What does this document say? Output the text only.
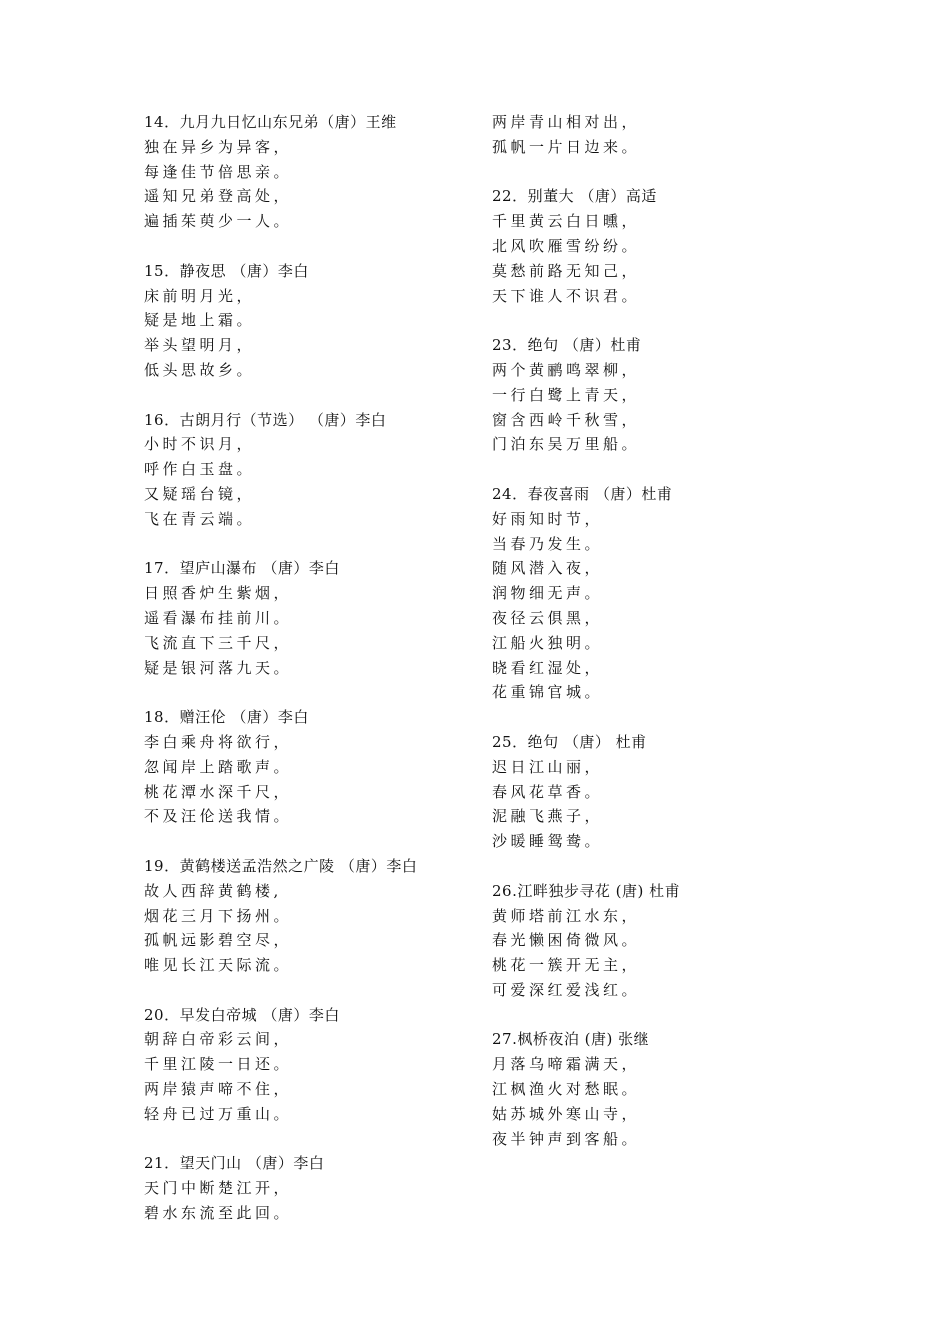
14．九月九日忆山东兄弟（唐）王维
独在异乡为异客，
每逢佳节倍思亲。
遥知兄弟登高处，
遍插茱萸少一人。
15．静夜思 （唐）李白
床前明月光，
疑是地上霜。
举头望明月，
低头思故乡。
16．古朗月行（节选） （唐）李白
小时不识月，
呼作白玉盘。
又疑瑶台镜，
飞在青云端。
17．望庐山瀑布 （唐）李白
日照香炉生紫烟，
遥看瀑布挂前川。
飞流直下三千尺，
疑是银河落九天。
18．赠汪伦 （唐）李白
李白乘舟将欲行，
忽闻岸上踏歌声。
桃花潭水深千尺，
不及汪伦送我情。
19．黄鹤楼送孟浩然之广陵 （唐）李白
故人西辞黄鹤楼,
烟花三月下扬州。
孤帆远影碧空尽，
唯见长江天际流。
20．早发白帝城 （唐）李白
朝辞白帝彩云间，
千里江陵一日还。
两岸猿声啼不住，
轻舟已过万重山。
21．望天门山 （唐）李白
天门中断楚江开，
碧水东流至此回。
两岸青山相对出，
孤帆一片日边来。
22．别董大 （唐）高适
千里黄云白日曛，
北风吹雁雪纷纷。
莫愁前路无知己，
天下谁人不识君。
23．绝句 （唐）杜甫
两个黄鹂鸣翠柳，
一行白鹭上青天，
窗含西岭千秋雪，
门泊东吴万里船。
24．春夜喜雨 （唐）杜甫
好雨知时节，
当春乃发生。
随风潜入夜，
润物细无声。
夜径云俱黑，
江船火独明。
晓看红湿处，
花重锦官城。
25．绝句 （唐） 杜甫
迟日江山丽，
春风花草香。
泥融飞燕子，
沙暖睡鸳鸯。
26.江畔独步寻花 (唐) 杜甫
黄师塔前江水东，
春光懒困倚微风。
桃花一簇开无主，
可爱深红爱浅红。
27.枫桥夜泊 (唐) 张继
月落乌啼霜满天，
江枫渔火对愁眠。
姑苏城外寒山寺，
夜半钟声到客船。
